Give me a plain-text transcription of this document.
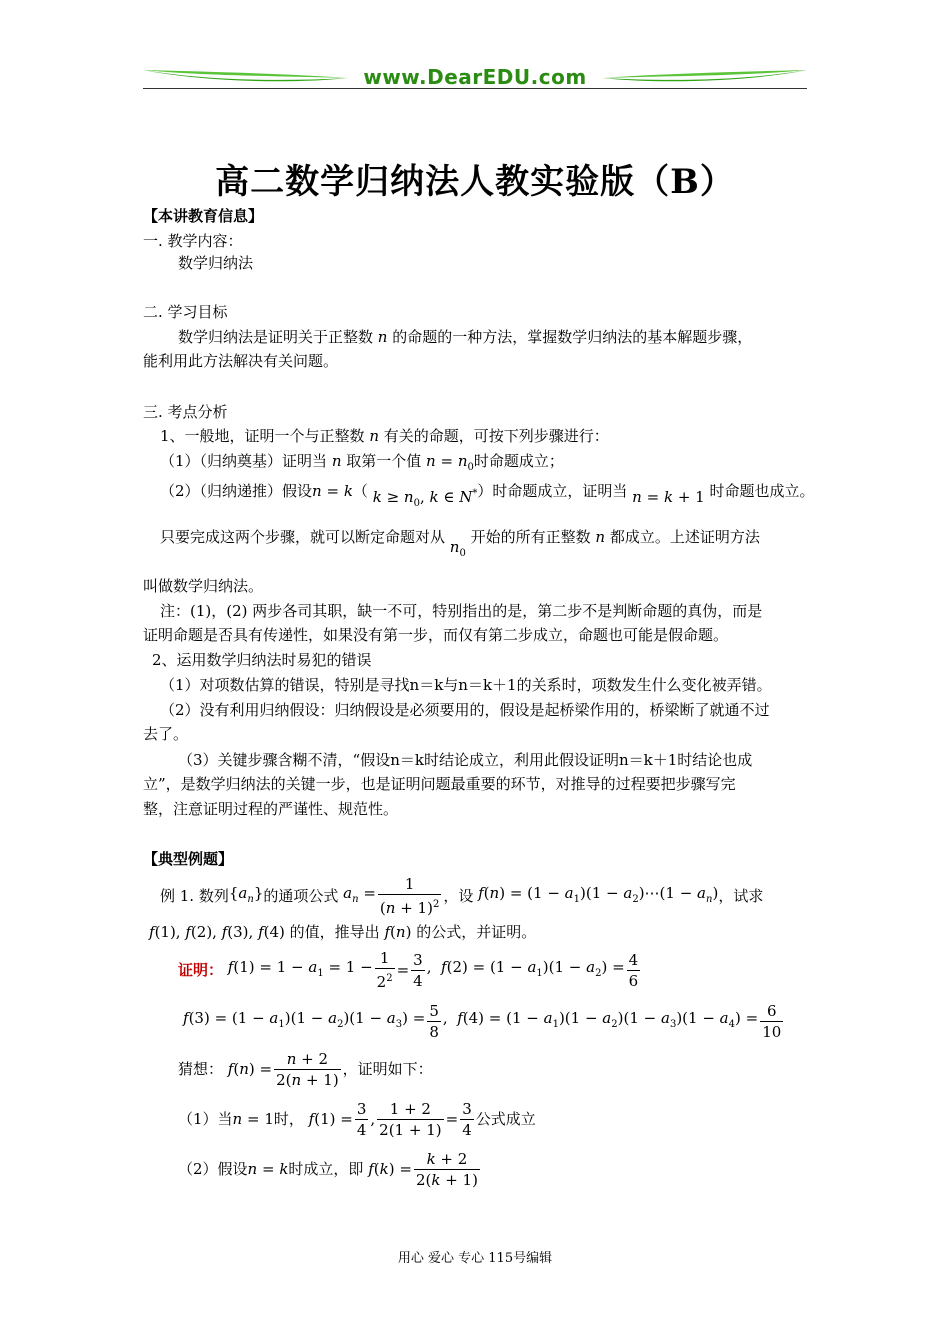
www.DearEDU.com
高二数学归纳法人教实验版（B）
【本讲教育信息】
一. 教学内容：
数学归纳法
二. 学习目标
数学归纳法是证明关于正整数 n 的命题的一种方法，掌握数学归纳法的基本解题步骤，
能利用此方法解决有关问题。
三. 考点分析
1、一般地，证明一个与正整数 n 有关的命题，可按下列步骤进行：
（1）（归纳奠基）证明当 n 取第一个值 $n = n_0$时命题成立；
（2）（归纳递推）假设n = k（ $k \ge n_0$, k ∈ N*）时命题成立，证明当 n = k + 1 时命题也成立。
只要完成这两个步骤，就可以断定命题对从 $n_0$ 开始的所有正整数 n 都成立。上述证明方法
叫做数学归纳法。
注：(1)，(2) 两步各司其职，缺一不可，特别指出的是，第二步不是判断命题的真伪，而是
证明命题是否具有传递性，如果没有第一步，而仅有第二步成立，命题也可能是假命题。
2、运用数学归纳法时易犯的错误
（1）对项数估算的错误，特别是寻找n＝k与n＝k＋1的关系时，项数发生什么变化被弄错。
（2）没有利用归纳假设：归纳假设是必须要用的，假设是起桥梁作用的，桥梁断了就通不过
去了。
（3）关键步骤含糊不清，“假设n＝k时结论成立，利用此假设证明n＝k＋1时结论也成
立”，是数学归纳法的关键一步，也是证明问题最重要的环节，对推导的过程要把步骤写完
整，注意证明过程的严谨性、规范性。
【典型例题】
例 1. 数列 $\{a_n\}$ 的通项公式
$a_n = \frac{1}{(n + 1)^2}$ ，设
$f(n) = (1 - a_1)(1$ − $a_2)\cdots(1 - a_n)$ ，试求
f(1), f(2), f(3), f(4) 的值，推导出 f(n) 的公式，并证明。
证明：
$f(1) = 1 - a_1 = 1 - \frac{1}{2^2} = \frac{3}{4}$ ,  $f(2) = (1 - a_1)(1 - a_2) = \frac{4}{6}$
$f(3) = (1 - a_1)(1 - a_2)(1 - a_3) = \frac{5}{8}$ ,  $f(4) = (1 - a_1)(1 - a_2)(1 - a_3)(1 - a_4) = \frac{6}{10}$
猜想：
$f(n) = \frac{n + 2}{2(n + 1)}$ ，证明如下：
（1）当 n = 1 时，
$f(1) = \frac{3}{4}$ , $\frac{1 + 2}{2(1 + 1)} = \frac{3}{4}$ 公式成立
（2）假设 n = k 时成立，即
$f(k) = \frac{k + 2}{2(k + 1)}$
用心 爱心 专心 115号编辑
